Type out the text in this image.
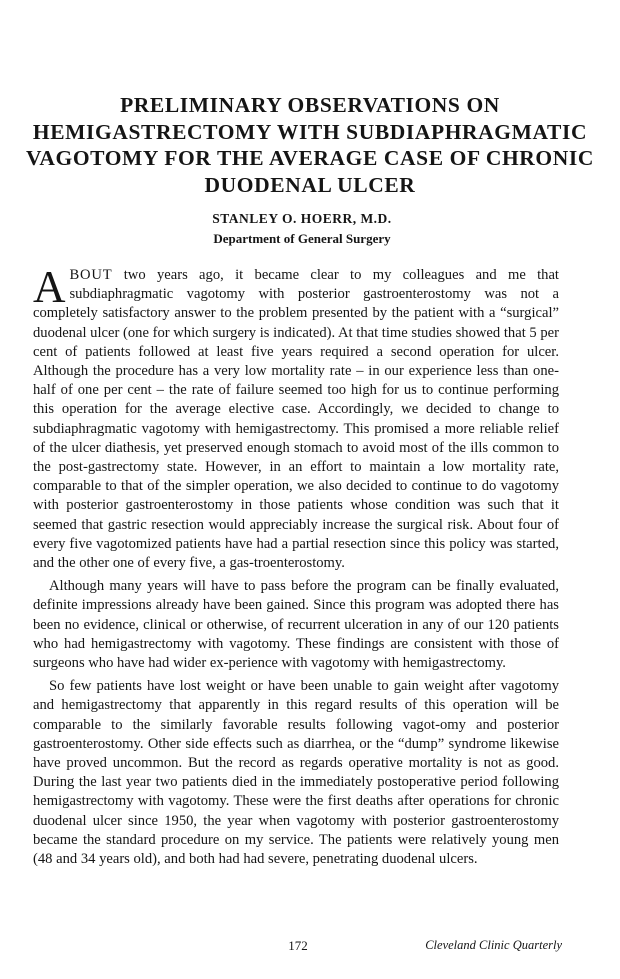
PRELIMINARY OBSERVATIONS ON
HEMIGASTRECTOMY WITH SUBDIAPHRAGMATIC
VAGOTOMY FOR THE AVERAGE CASE OF CHRONIC
DUODENAL ULCER
STANLEY O. HOERR, M.D.
Department of General Surgery

ABOUT two years ago, it became clear to my colleagues and me that subdiaphragmatic vagotomy with posterior gastroenterostomy was not a completely satisfactory answer to the problem presented by the patient with a “surgical” duodenal ulcer (one for which surgery is indicated). At that time studies showed that 5 per cent of patients followed at least five years required a second operation for ulcer. Although the procedure has a very low mortality rate – in our experience less than one-half of one per cent – the rate of failure seemed too high for us to continue performing this operation for the average elective case. Accordingly, we decided to change to subdiaphragmatic vagotomy with hemigastrectomy. This promised a more reliable relief of the ulcer diathesis, yet preserved enough stomach to avoid most of the ills common to the post-gastrectomy state. However, in an effort to maintain a low mortality rate, comparable to that of the simpler operation, we also decided to continue to do vagotomy with posterior gastroenterostomy in those patients whose condition was such that it seemed that gastric resection would appreciably increase the surgical risk. About four of every five vagotomized patients have had a partial resection since this policy was started, and the other one of every five, a gas-troenterostomy.

Although many years will have to pass before the program can be finally evaluated, definite impressions already have been gained. Since this program was adopted there has been no evidence, clinical or otherwise, of recurrent ulceration in any of our 120 patients who had hemigastrectomy with vagotomy. These findings are consistent with those of surgeons who have had wider ex-perience with vagotomy with hemigastrectomy.

So few patients have lost weight or have been unable to gain weight after vagotomy and hemigastrectomy that apparently in this regard results of this operation will be comparable to the similarly favorable results following vagot-omy and posterior gastroenterostomy. Other side effects such as diarrhea, or the “dump” syndrome likewise have proved uncommon. But the record as regards operative mortality is not as good. During the last year two patients died in the immediately postoperative period following hemigastrectomy with vagotomy. These were the first deaths after operations for chronic duodenal ulcer since 1950, the year when vagotomy with posterior gastroenterostomy became the standard procedure on my service. The patients were relatively young men (48 and 34 years old), and both had had severe, penetrating duodenal ulcers.

172	Cleveland Clinic Quarterly
